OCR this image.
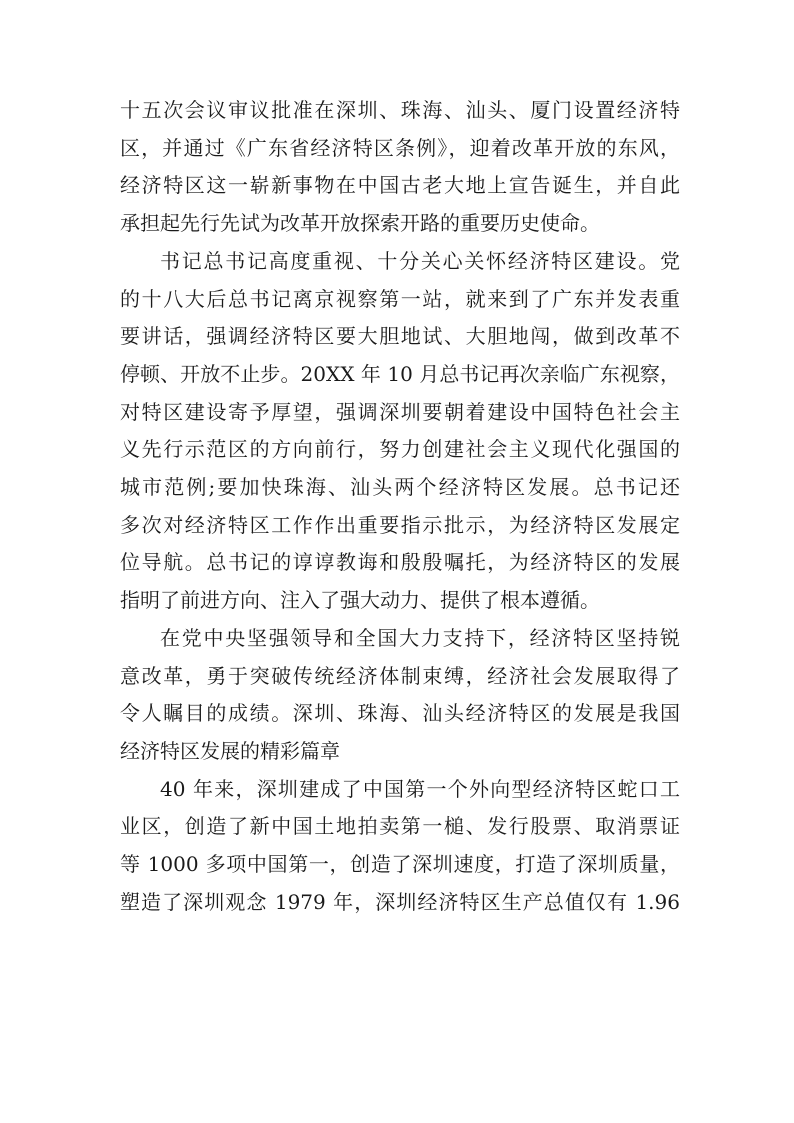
十五次会议审议批准在深圳、珠海、汕头、厦门设置经济特
区，并通过《广东省经济特区条例》，迎着改革开放的东风，
经济特区这一崭新事物在中国古老大地上宣告诞生，并自此
承担起先行先试为改革开放探索开路的重要历史使命。

书记总书记高度重视、十分关心关怀经济特区建设。党
的十八大后总书记离京视察第一站，就来到了广东并发表重
要讲话，强调经济特区要大胆地试、大胆地闯，做到改革不
停顿、开放不止步。20XX 年 10 月总书记再次亲临广东视察，
对特区建设寄予厚望，强调深圳要朝着建设中国特色社会主
义先行示范区的方向前行，努力创建社会主义现代化强国的
城市范例;要加快珠海、汕头两个经济特区发展。总书记还
多次对经济特区工作作出重要指示批示，为经济特区发展定
位导航。总书记的谆谆教诲和殷殷嘱托，为经济特区的发展
指明了前进方向、注入了强大动力、提供了根本遵循。

在党中央坚强领导和全国大力支持下，经济特区坚持锐
意改革，勇于突破传统经济体制束缚，经济社会发展取得了
令人瞩目的成绩。深圳、珠海、汕头经济特区的发展是我国
经济特区发展的精彩篇章

40 年来，深圳建成了中国第一个外向型经济特区蛇口工
业区，创造了新中国土地拍卖第一槌、发行股票、取消票证
等 1000 多项中国第一，创造了深圳速度，打造了深圳质量，
塑造了深圳观念 1979 年，深圳经济特区生产总值仅有 1.96
